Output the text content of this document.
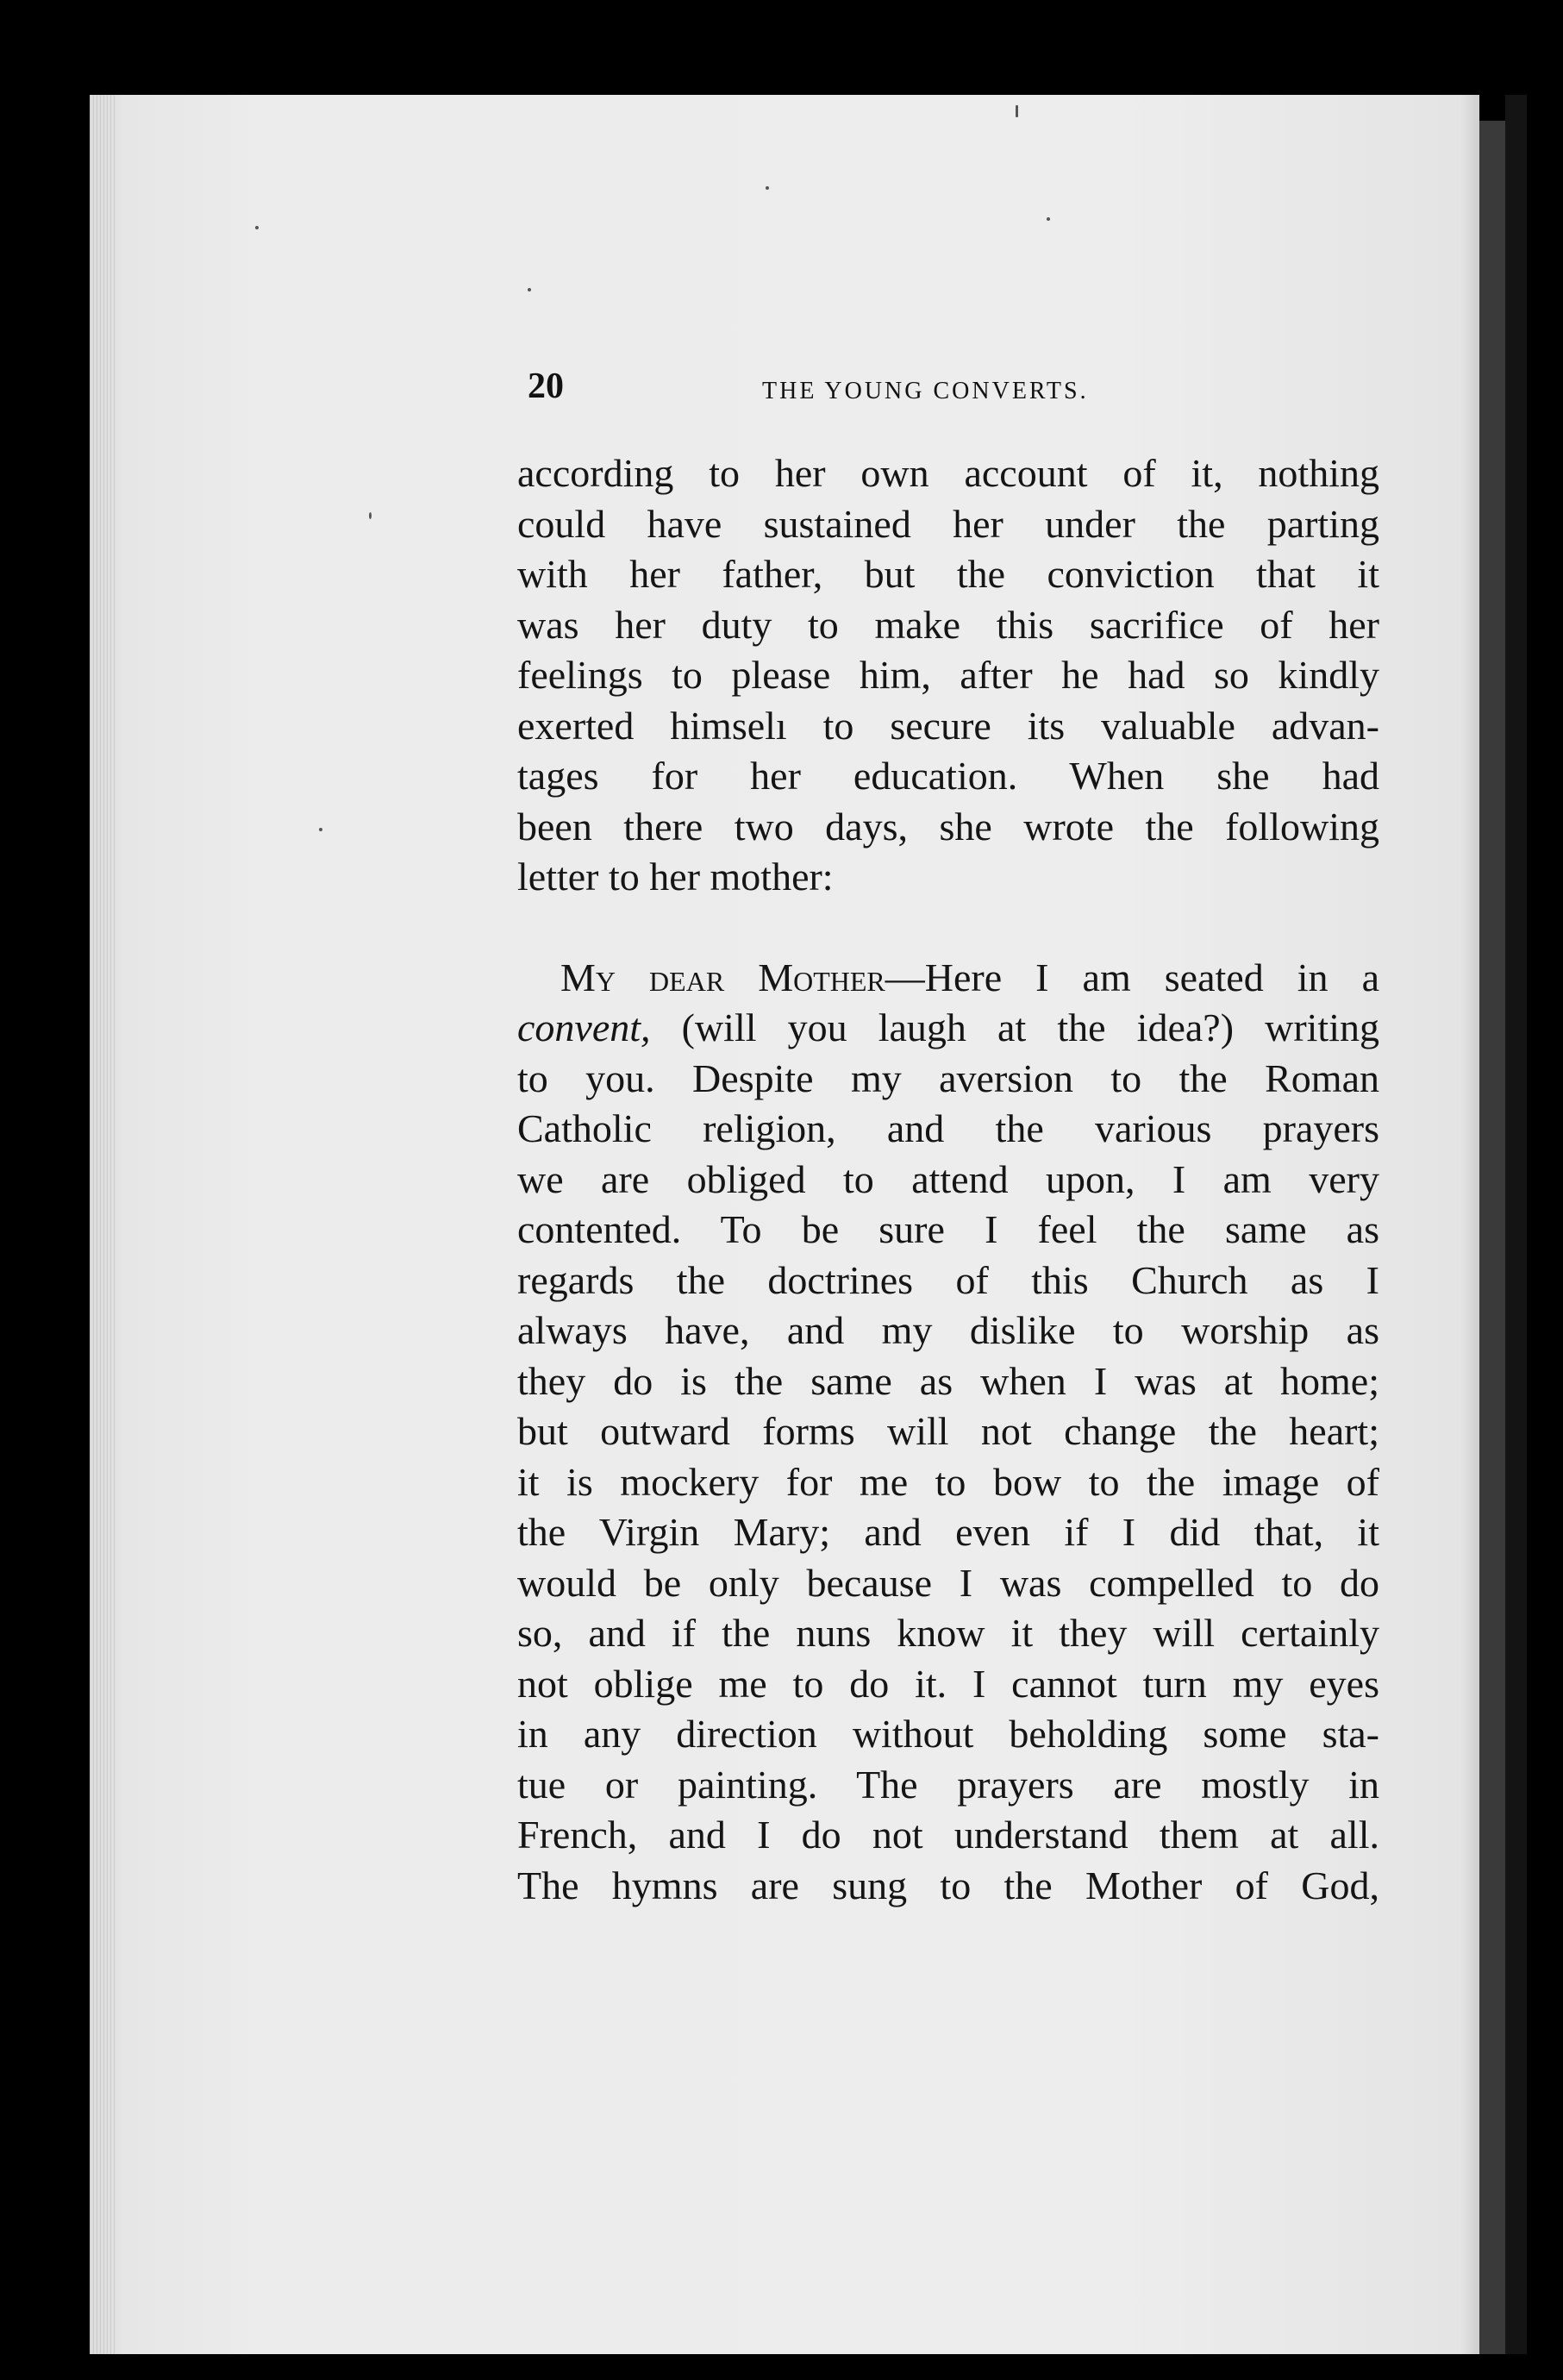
20	THE YOUNG CONVERTS.
according to her own account of it, nothing
could have sustained her under the parting
with her father, but the conviction that it
was her duty to make this sacrifice of her
feelings to please him, after he had so kindly
exerted himselı to secure its valuable advan-
tages for her education. When she had
been there two days, she wrote the following
letter to her mother:
My dear Mother—Here I am seated in a
convent, (will you laugh at the idea?) writing
to you. Despite my aversion to the Roman
Catholic religion, and the various prayers
we are obliged to attend upon, I am very
contented. To be sure I feel the same as
regards the doctrines of this Church as I
always have, and my dislike to worship as
they do is the same as when I was at home;
but outward forms will not change the heart;
it is mockery for me to bow to the image of
the Virgin Mary; and even if I did that, it
would be only because I was compelled to do
so, and if the nuns know it they will certainly
not oblige me to do it. I cannot turn my eyes
in any direction without beholding some sta-
tue or painting. The prayers are mostly in
French, and I do not understand them at all.
The hymns are sung to the Mother of God,
